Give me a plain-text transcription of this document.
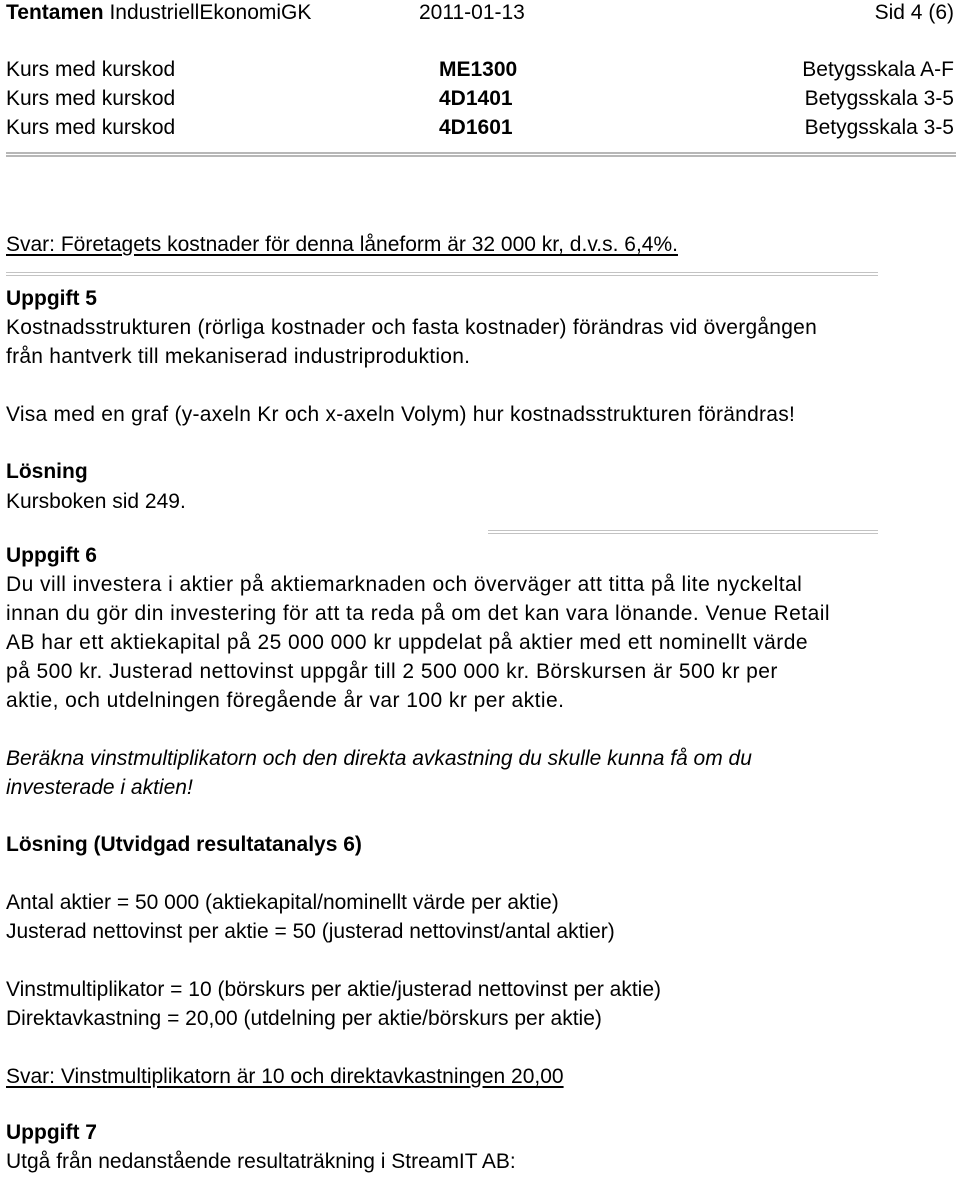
Tentamen IndustriellEkonomiGK	2011-01-13	Sid 4 (6)
Kurs med kurskod	ME1300	Betygsskala A-F
Kurs med kurskod	4D1401	Betygsskala 3-5
Kurs med kurskod	4D1601	Betygsskala 3-5
Svar: Företagets kostnader för denna låneform är 32 000 kr, d.v.s. 6,4%.
Uppgift 5
Kostnadsstrukturen (rörliga kostnader och fasta kostnader) förändras vid övergången
från hantverk till mekaniserad industriproduktion.
Visa med en graf (y-axeln Kr och x-axeln Volym) hur kostnadsstrukturen förändras!
Lösning
Kursboken sid 249.
Uppgift 6
Du vill investera i aktier på aktiemarknaden och överväger att titta på lite nyckeltal
innan du gör din investering för att ta reda på om det kan vara lönande. Venue Retail
AB har ett aktiekapital på 25 000 000 kr uppdelat på aktier med ett nominellt värde
på 500 kr. Justerad nettovinst uppgår till 2 500 000 kr. Börskursen är 500 kr per
aktie, och utdelningen föregående år var 100 kr per aktie.
Beräkna vinstmultiplikatorn och den direkta avkastning du skulle kunna få om du
investerade i aktien!
Lösning (Utvidgad resultatanalys 6)
Antal aktier = 50 000 (aktiekapital/nominellt värde per aktie)
Justerad nettovinst per aktie = 50 (justerad nettovinst/antal aktier)
Vinstmultiplikator = 10 (börskurs per aktie/justerad nettovinst per aktie)
Direktavkastning = 20,00 (utdelning per aktie/börskurs per aktie)
Svar: Vinstmultiplikatorn är 10 och direktavkastningen 20,00
Uppgift 7
Utgå från nedanstående resultaträkning i StreamIT AB:
